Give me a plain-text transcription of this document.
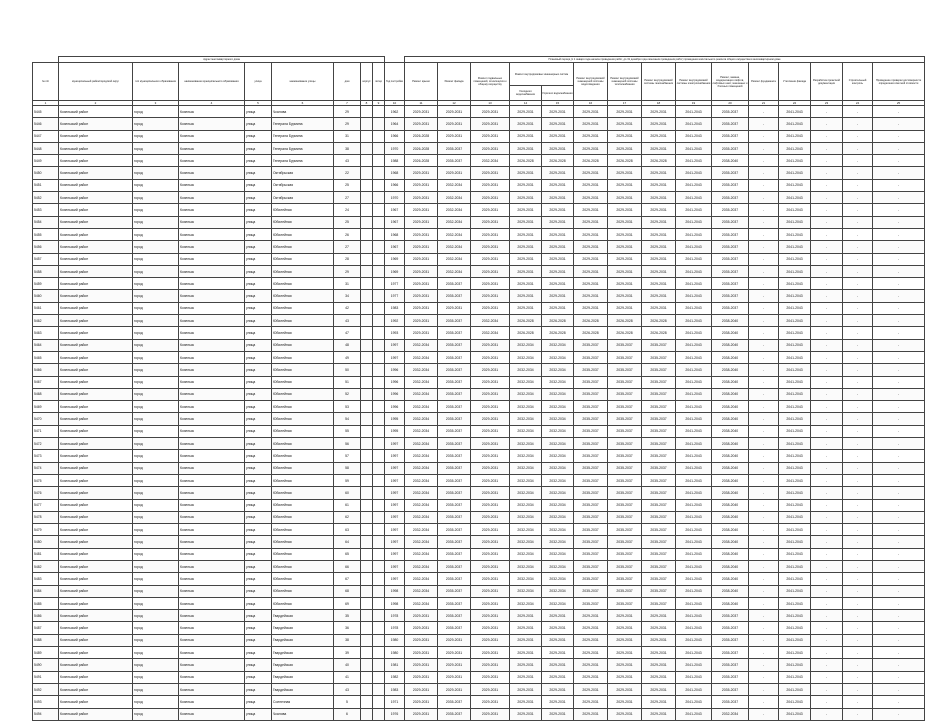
	Адрес многоквартирного дома									Плановый период (с 1 января года начала проведения работ, до 31 декабря года окончания проведения работ) проведения капитального ремонта общего имущества в многоквартирном доме														
№ п/п	муниципальный район/городской округ	тип муниципального образования	наименование муниципального образования	улица	наименование улицы	дом	корпус	литер	Год постройки	Ремонт крыши	Ремонт фасада	Ремонт подвальных помещений, относящихся к общему имуществу	Ремонт внутридомовых инженерных систем		Ремонт внутридомовой инженерной системы водоотведения	Ремонт внутридомовой инженерной системы теплоснабжения	Ремонт внутридомовой системы газоснабжения	Ремонт внутридомовой системы электроснабжения	Ремонт, замена, модернизация лифтов, лифтовых шахт, машинных и блочных помещений	Ремонт фундамента	Утепление фасада	Разработка проектной документации	Строительный контроль	Проведение проверки достоверности определения сметной стоимости
													Холодного водоснабжения	Горячего водоснабжения										
1	2	3	4	5	6	7	8	9	10	11	12	13	14	15	16	17	18	19	20	21	22	23	24	25
5445	Козельский район	город	Козельск	улица	Чкалова	29			1962	2029-2031	2029-2031	2029-2031	2029-2031	2029-2031	2029-2031	2029-2031	2029-2031	2041-2043	2035-2037	-	2041-2043	-	-	-
5446	Козельский район	город	Козельск	улица	Генерала Бурмина	29			1964	2029-2031	2029-2031	2029-2031	2029-2031	2029-2031	2029-2031	2029-2031	2029-2031	2041-2043	2035-2037	-	2041-2043	-	-	-
5447	Козельский район	город	Козельск	улица	Генерала Бурмина	31			1966	2026-2028	2029-2031	2029-2031	2029-2031	2029-2031	2029-2031	2029-2031	2029-2031	2041-2043	2035-2037	-	2041-2043	-	-	-
5448	Козельский район	город	Козельск	улица	Генерала Бурмина	38			1970	2026-2028	2035-2037	2029-2031	2029-2031	2029-2031	2029-2031	2029-2031	2029-2031	2041-2043	2035-2037	-	2041-2043	-	-	-
5449	Козельский район	город	Козельск	улица	Генерала Бурмина	43			1988	2026-2028	2035-2037	2032-2034	2026-2028	2026-2028	2026-2028	2026-2028	2026-2028	2041-2043	2038-2040	-	2041-2043	-	-	-
5450	Козельский район	город	Козельск	улица	Октябрьская	22			1968	2029-2031	2029-2031	2029-2031	2029-2031	2029-2031	2029-2031	2029-2031	2029-2031	2041-2043	2035-2037	-	2041-2043	-	-	-
5451	Козельский район	город	Козельск	улица	Октябрьская	25			1966	2029-2031	2032-2034	2029-2031	2029-2031	2029-2031	2029-2031	2029-2031	2029-2031	2041-2043	2035-2037	-	2041-2043	-	-	-
5452	Козельский район	город	Козельск	улица	Октябрьская	27			1970	2029-2031	2032-2034	2029-2031	2029-2031	2029-2031	2029-2031	2029-2031	2029-2031	2041-2043	2035-2037	-	2041-2043	-	-	-
5453	Козельский район	город	Козельск	улица	Юбилейная	24			1967	2029-2031	2032-2034	2029-2031	2029-2031	2029-2031	2029-2031	2029-2031	2029-2031	2041-2043	2035-2037	-	2041-2043	-	-	-
5454	Козельский район	город	Козельск	улица	Юбилейная	25			1967	2029-2031	2032-2034	2029-2031	2029-2031	2029-2031	2029-2031	2029-2031	2029-2031	2041-2043	2035-2037	-	2041-2043	-	-	-
5455	Козельский район	город	Козельск	улица	Юбилейная	26			1968	2029-2031	2032-2034	2029-2031	2029-2031	2029-2031	2029-2031	2029-2031	2029-2031	2041-2043	2035-2037	-	2041-2043	-	-	-
5456	Козельский район	город	Козельск	улица	Юбилейная	27			1967	2029-2031	2032-2034	2029-2031	2029-2031	2029-2031	2029-2031	2029-2031	2029-2031	2041-2043	2035-2037	-	2041-2043	-	-	-
5457	Козельский район	город	Козельск	улица	Юбилейная	28			1969	2029-2031	2032-2034	2029-2031	2029-2031	2029-2031	2029-2031	2029-2031	2029-2031	2041-2043	2035-2037	-	2041-2043	-	-	-
5458	Козельский район	город	Козельск	улица	Юбилейная	29			1969	2029-2031	2032-2034	2029-2031	2029-2031	2029-2031	2029-2031	2029-2031	2029-2031	2041-2043	2035-2037	-	2041-2043	-	-	-
5459	Козельский район	город	Козельск	улица	Юбилейная	31			1977	2029-2031	2035-2037	2029-2031	2029-2031	2029-2031	2029-2031	2029-2031	2029-2031	2041-2043	2035-2037	-	2041-2043	-	-	-
5460	Козельский район	город	Козельск	улица	Юбилейная	34			1977	2029-2031	2035-2037	2029-2031	2029-2031	2029-2031	2029-2031	2029-2031	2029-2031	2041-2043	2035-2037	-	2041-2043	-	-	-
5461	Козельский район	город	Козельск	улица	Юбилейная	42			1983	2029-2031	2029-2031	2029-2031	2029-2031	2029-2031	2029-2031	2029-2031	2029-2031	2041-2043	2035-2037	-	2041-2043	-	-	-
5462	Козельский район	город	Козельск	улица	Юбилейная	43			1992	2029-2031	2035-2037	2032-2034	2026-2028	2026-2028	2026-2028	2026-2028	2026-2028	2041-2043	2038-2040	-	2041-2043	-	-	-
5463	Козельский район	город	Козельск	улица	Юбилейная	47			1993	2029-2031	2035-2037	2032-2034	2026-2028	2026-2028	2026-2028	2026-2028	2026-2028	2041-2043	2038-2040	-	2041-2043	-	-	-
5464	Козельский район	город	Козельск	улица	Юбилейная	48			1997	2032-2034	2035-2037	2029-2031	2032-2034	2032-2034	2035-2037	2035-2037	2035-2037	2041-2043	2038-2040	-	2041-2043	-	-	-
5465	Козельский район	город	Козельск	улица	Юбилейная	49			1997	2032-2034	2035-2037	2029-2031	2032-2034	2032-2034	2035-2037	2035-2037	2035-2037	2041-2043	2038-2040	-	2041-2043	-	-	-
5466	Козельский район	город	Козельск	улица	Юбилейная	50			1996	2032-2034	2035-2037	2029-2031	2032-2034	2032-2034	2035-2037	2035-2037	2035-2037	2041-2043	2038-2040	-	2041-2043	-	-	-
5467	Козельский район	город	Козельск	улица	Юбилейная	51			1996	2032-2034	2035-2037	2029-2031	2032-2034	2032-2034	2035-2037	2035-2037	2035-2037	2041-2043	2038-2040	-	2041-2043	-	-	-
5468	Козельский район	город	Козельск	улица	Юбилейная	52			1996	2032-2034	2035-2037	2029-2031	2032-2034	2032-2034	2035-2037	2035-2037	2035-2037	2041-2043	2038-2040	-	2041-2043	-	-	-
5469	Козельский район	город	Козельск	улица	Юбилейная	53			1996	2032-2034	2035-2037	2029-2031	2032-2034	2032-2034	2035-2037	2035-2037	2035-2037	2041-2043	2038-2040	-	2041-2043	-	-	-
5470	Козельский район	город	Козельск	улица	Юбилейная	54			1995	2032-2034	2035-2037	2029-2031	2032-2034	2032-2034	2035-2037	2035-2037	2035-2037	2041-2043	2038-2040	-	2041-2043	-	-	-
5471	Козельский район	город	Козельск	улица	Юбилейная	55			1995	2032-2034	2035-2037	2029-2031	2032-2034	2032-2034	2035-2037	2035-2037	2035-2037	2041-2043	2038-2040	-	2041-2043	-	-	-
5472	Козельский район	город	Козельск	улица	Юбилейная	56			1997	2032-2034	2035-2037	2029-2031	2032-2034	2032-2034	2035-2037	2035-2037	2035-2037	2041-2043	2038-2040	-	2041-2043	-	-	-
5473	Козельский район	город	Козельск	улица	Юбилейная	57			1997	2032-2034	2035-2037	2029-2031	2032-2034	2032-2034	2035-2037	2035-2037	2035-2037	2041-2043	2038-2040	-	2041-2043	-	-	-
5474	Козельский район	город	Козельск	улица	Юбилейная	58			1997	2032-2034	2035-2037	2029-2031	2032-2034	2032-2034	2035-2037	2035-2037	2035-2037	2041-2043	2038-2040	-	2041-2043	-	-	-
5475	Козельский район	город	Козельск	улица	Юбилейная	59			1997	2032-2034	2035-2037	2029-2031	2032-2034	2032-2034	2035-2037	2035-2037	2035-2037	2041-2043	2038-2040	-	2041-2043	-	-	-
5476	Козельский район	город	Козельск	улица	Юбилейная	60			1997	2032-2034	2035-2037	2029-2031	2032-2034	2032-2034	2035-2037	2035-2037	2035-2037	2041-2043	2038-2040	-	2041-2043	-	-	-
5477	Козельский район	город	Козельск	улица	Юбилейная	61			1997	2032-2034	2035-2037	2029-2031	2032-2034	2032-2034	2035-2037	2035-2037	2035-2037	2041-2043	2038-2040	-	2041-2043	-	-	-
5478	Козельский район	город	Козельск	улица	Юбилейная	62			1997	2032-2034	2035-2037	2029-2031	2032-2034	2032-2034	2035-2037	2035-2037	2035-2037	2041-2043	2038-2040	-	2041-2043	-	-	-
5479	Козельский район	город	Козельск	улица	Юбилейная	63			1997	2032-2034	2035-2037	2029-2031	2032-2034	2032-2034	2035-2037	2035-2037	2035-2037	2041-2043	2038-2040	-	2041-2043	-	-	-
5480	Козельский район	город	Козельск	улица	Юбилейная	64			1997	2032-2034	2035-2037	2029-2031	2032-2034	2032-2034	2035-2037	2035-2037	2035-2037	2041-2043	2038-2040	-	2041-2043	-	-	-
5481	Козельский район	город	Козельск	улица	Юбилейная	65			1997	2032-2034	2035-2037	2029-2031	2032-2034	2032-2034	2035-2037	2035-2037	2035-2037	2041-2043	2038-2040	-	2041-2043	-	-	-
5482	Козельский район	город	Козельск	улица	Юбилейная	66			1997	2032-2034	2035-2037	2029-2031	2032-2034	2032-2034	2035-2037	2035-2037	2035-2037	2041-2043	2038-2040	-	2041-2043	-	-	-
5483	Козельский район	город	Козельск	улица	Юбилейная	67			1997	2032-2034	2035-2037	2029-2031	2032-2034	2032-2034	2035-2037	2035-2037	2035-2037	2041-2043	2038-2040	-	2041-2043	-	-	-
5484	Козельский район	город	Козельск	улица	Юбилейная	68			1998	2032-2034	2035-2037	2029-2031	2032-2034	2032-2034	2035-2037	2035-2037	2035-2037	2041-2043	2038-2040	-	2041-2043	-	-	-
5485	Козельский район	город	Козельск	улица	Юбилейная	69			1998	2032-2034	2035-2037	2029-2031	2032-2034	2032-2034	2035-2037	2035-2037	2035-2037	2041-2043	2038-2040	-	2041-2043	-	-	-
5486	Козельский район	город	Козельск	улица	Гвардейская	35			1978	2029-2031	2035-2037	2029-2031	2029-2031	2029-2031	2029-2031	2029-2031	2029-2031	2041-2043	2035-2037	-	2041-2043	-	-	-
5487	Козельский район	город	Козельск	улица	Гвардейская	36			1978	2029-2031	2035-2037	2029-2031	2029-2031	2029-2031	2029-2031	2029-2031	2029-2031	2041-2043	2035-2037	-	2041-2043	-	-	-
5488	Козельский район	город	Козельск	улица	Гвардейская	38			1980	2029-2031	2029-2031	2029-2031	2029-2031	2029-2031	2029-2031	2029-2031	2029-2031	2041-2043	2035-2037	-	2041-2043	-	-	-
5489	Козельский район	город	Козельск	улица	Гвардейская	39			1980	2029-2031	2029-2031	2029-2031	2029-2031	2029-2031	2029-2031	2029-2031	2029-2031	2041-2043	2035-2037	-	2041-2043	-	-	-
5490	Козельский район	город	Козельск	улица	Гвардейская	40			1981	2029-2031	2029-2031	2029-2031	2029-2031	2029-2031	2029-2031	2029-2031	2029-2031	2041-2043	2035-2037	-	2041-2043	-	-	-
5491	Козельский район	город	Козельск	улица	Гвардейская	41			1982	2029-2031	2029-2031	2029-2031	2029-2031	2029-2031	2029-2031	2029-2031	2029-2031	2041-2043	2035-2037	-	2041-2043	-	-	-
5492	Козельский район	город	Козельск	улица	Гвардейская	43			1983	2029-2031	2029-2031	2029-2031	2029-2031	2029-2031	2029-2031	2029-2031	2029-2031	2041-2043	2035-2037	-	2041-2043	-	-	-
5493	Козельский район	город	Козельск	улица	Солнечная	5			1971	2029-2031	2035-2037	2029-2031	2029-2031	2029-2031	2029-2031	2029-2031	2029-2031	2041-2043	2035-2037	-	2041-2043	-	-	-
5494	Козельский район	город	Козельск	улица	Чкалова	6			1976	2029-2031	2035-2037	2029-2031	2029-2031	2029-2031	2029-2031	2029-2031	2029-2031	2041-2043	2032-2034	-	2041-2043	-	-	-
